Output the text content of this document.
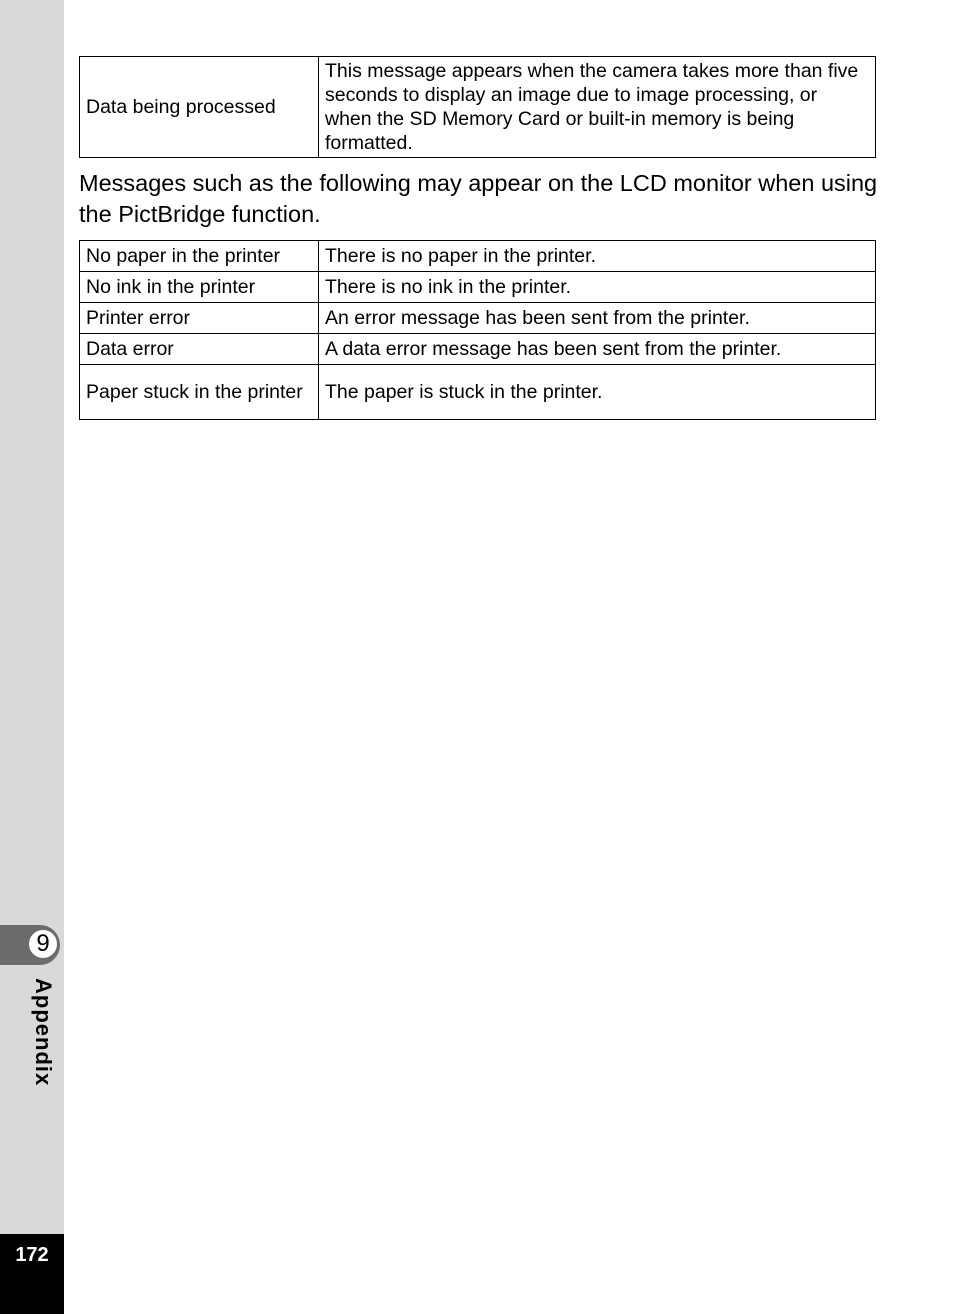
9
Appendix
172
Data being processed	This message appears when the camera takes more than five seconds to display an image due to image processing, or when the SD Memory Card or built-in memory is being formatted.

Messages such as the following may appear on the LCD monitor when using the PictBridge function.

No paper in the printer	There is no paper in the printer.
No ink in the printer	There is no ink in the printer.
Printer error	An error message has been sent from the printer.
Data error	A data error message has been sent from the printer.
Paper stuck in the printer	The paper is stuck in the printer.
